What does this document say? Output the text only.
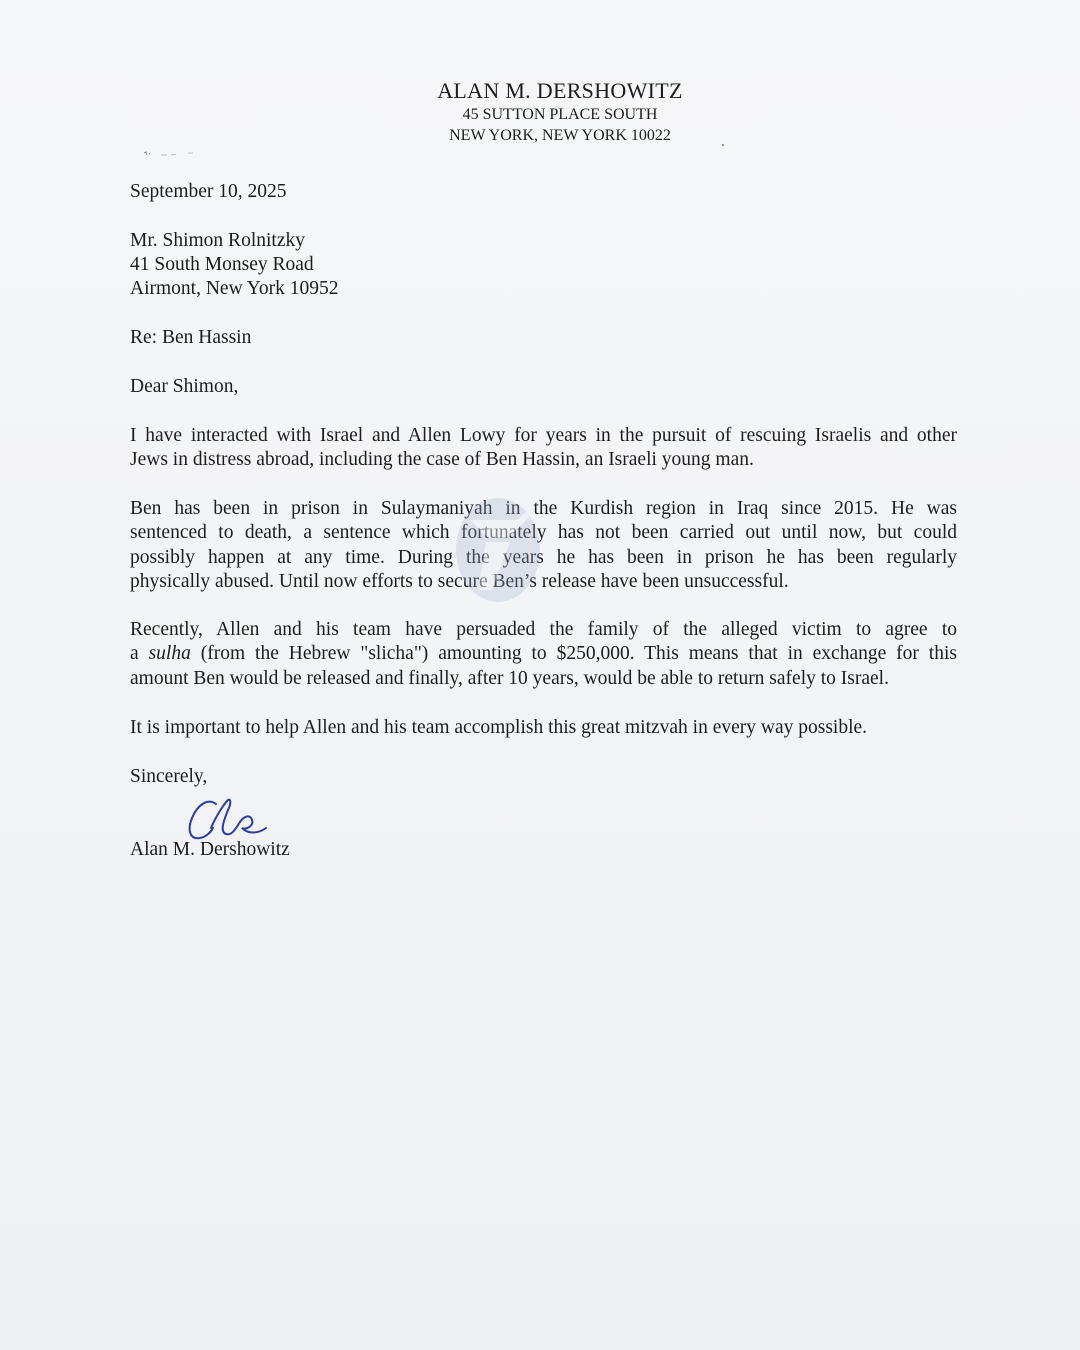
ALAN M. DERSHOWITZ
45 SUTTON PLACE SOUTH
NEW YORK, NEW YORK 10022
September 10, 2025
Mr. Shimon Rolnitzky
41 South Monsey Road
Airmont, New York 10952
Re: Ben Hassin
Dear Shimon,
I have interacted with Israel and Allen Lowy for years in the pursuit of rescuing Israelis and other
Jews in distress abroad, including the case of Ben Hassin, an Israeli young man.
Ben has been in prison in Sulaymaniyah in the Kurdish region in Iraq since 2015. He was
sentenced to death, a sentence which fortunately has not been carried out until now, but could
possibly happen at any time. During the years he has been in prison he has been regularly
physically abused. Until now efforts to secure Ben’s release have been unsuccessful.
Recently, Allen and his team have persuaded the family of the alleged victim to agree to
a sulha (from the Hebrew "slicha") amounting to $250,000. This means that in exchange for this
amount Ben would be released and finally, after 10 years, would be able to return safely to Israel.
It is important to help Allen and his team accomplish this great mitzvah in every way possible.
Sincerely,
Alan M. Dershowitz
